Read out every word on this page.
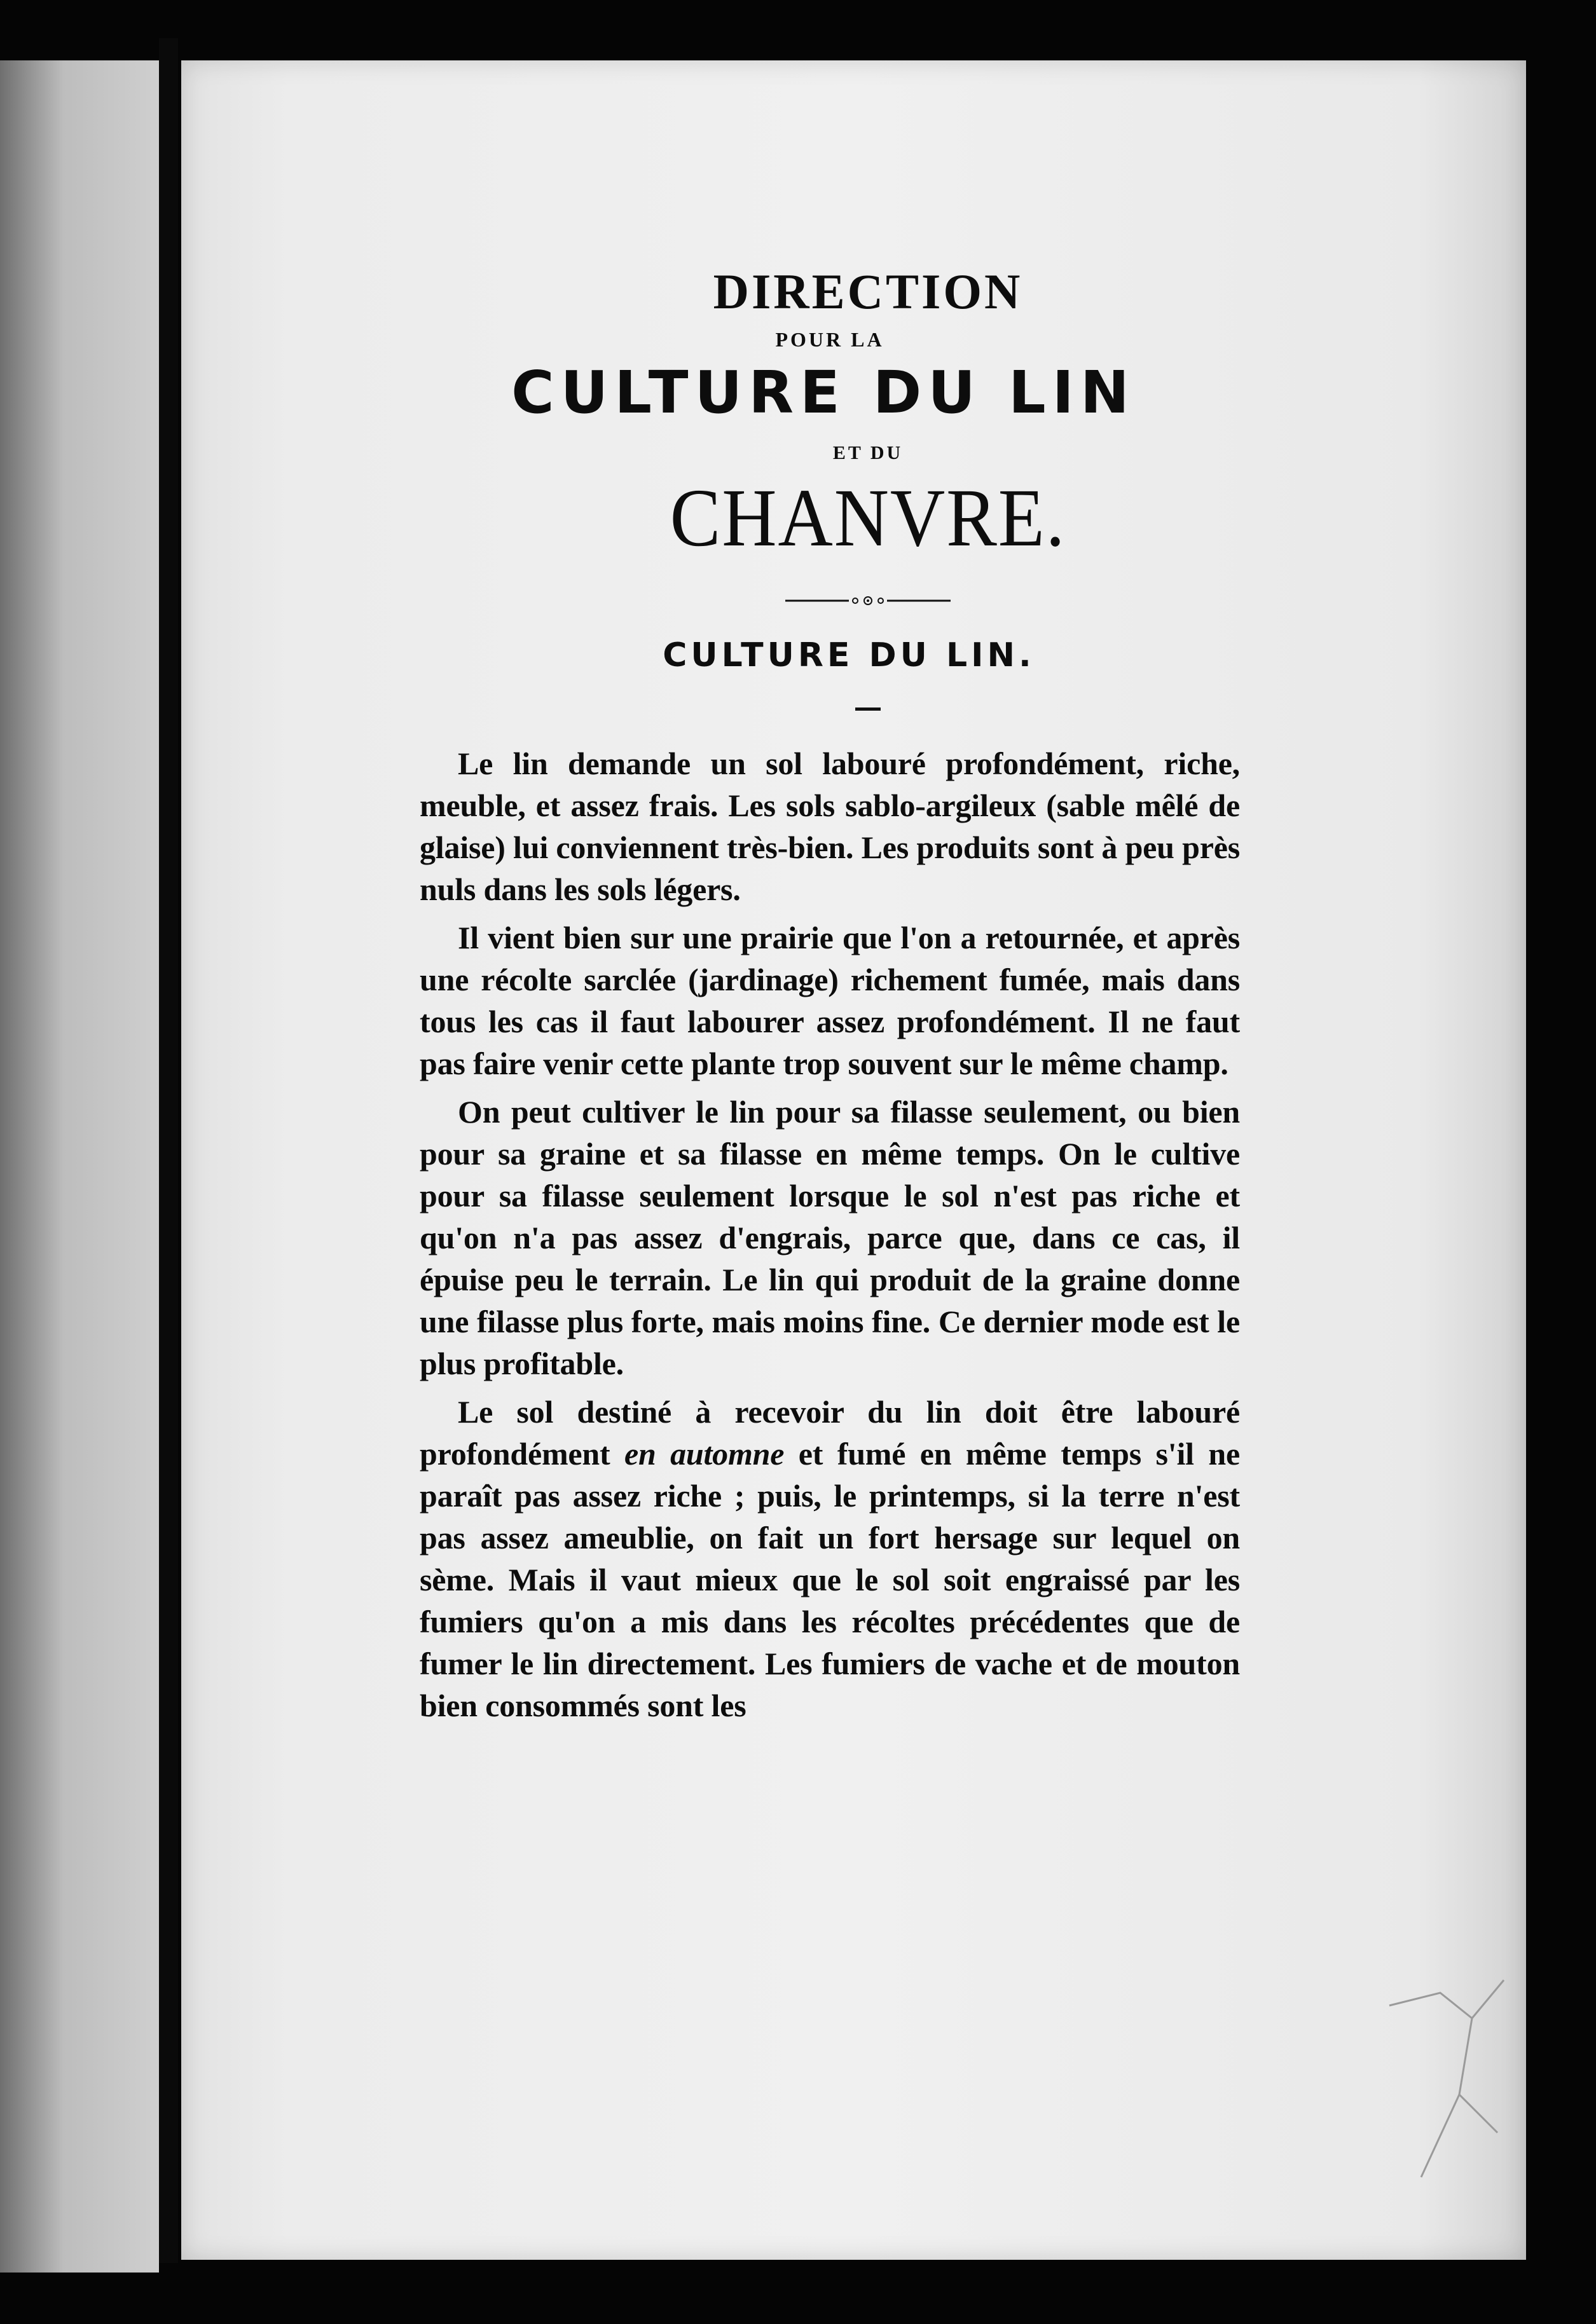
DIRECTION
POUR LA
CULTURE DU LIN
ET DU
CHANVRE.
CULTURE DU LIN.

Le lin demande un sol labouré profondément, riche, meuble, et assez frais. Les sols sablo-argileux (sable mêlé de glaise) lui conviennent très-bien. Les produits sont à peu près nuls dans les sols légers.

Il vient bien sur une prairie que l'on a retournée, et après une récolte sarclée (jardinage) richement fumée, mais dans tous les cas il faut labourer assez profondément. Il ne faut pas faire venir cette plante trop souvent sur le même champ.

On peut cultiver le lin pour sa filasse seulement, ou bien pour sa graine et sa filasse en même temps. On le cultive pour sa filasse seulement lorsque le sol n'est pas riche et qu'on n'a pas assez d'engrais, parce que, dans ce cas, il épuise peu le terrain. Le lin qui produit de la graine donne une filasse plus forte, mais moins fine. Ce dernier mode est le plus profitable.

Le sol destiné à recevoir du lin doit être labouré profondément en automne et fumé en même temps s'il ne paraît pas assez riche ; puis, le printemps, si la terre n'est pas assez ameublie, on fait un fort hersage sur lequel on sème. Mais il vaut mieux que le sol soit engraissé par les fumiers qu'on a mis dans les récoltes précédentes que de fumer le lin directement. Les fumiers de vache et de mouton bien consommés sont les
